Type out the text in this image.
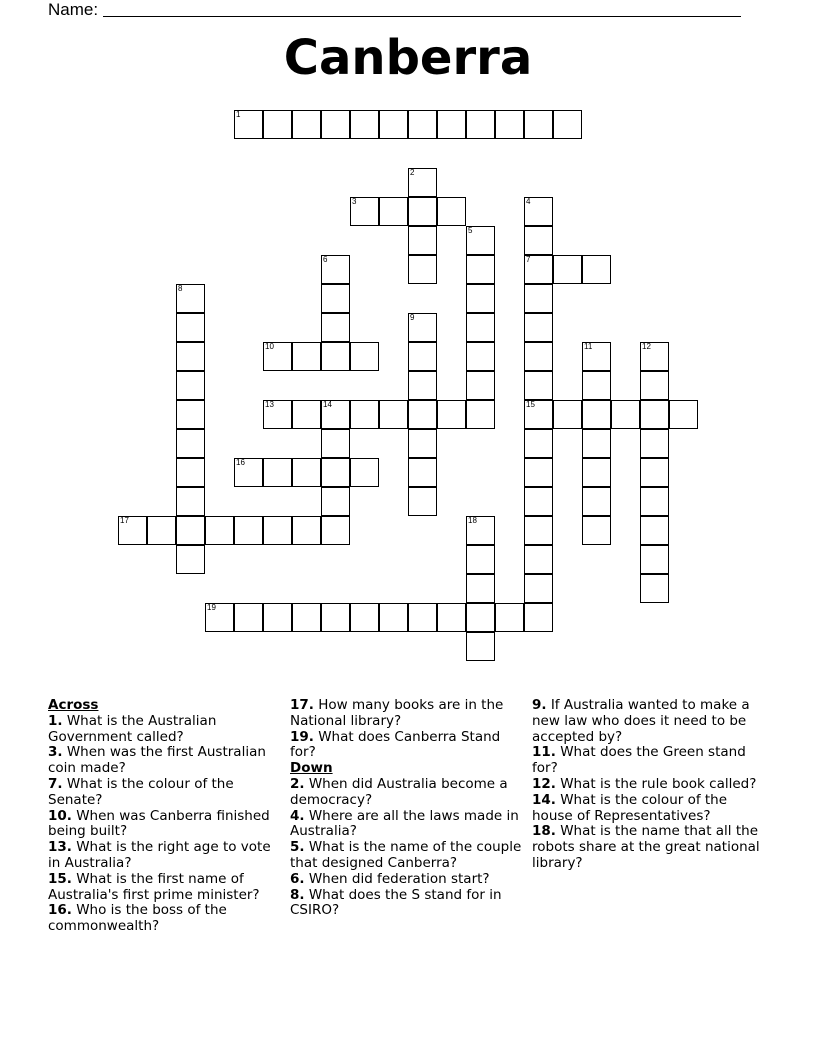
Name:
Canberra
1
2
3	4
7
15
5
6
8
9
10	11	12
13	14
16
17	18
19

Across

1. What is the Australian Government called?

3. When was the first Australian coin made?

7. What is the colour of the Senate?

10. When was Canberra finished being built?

13. What is the right age to vote in Australia?

15. What is the first name of Australia's first prime minister?

16. Who is the boss of the commonwealth?

17. How many books are in the National library?

19. What does Canberra Stand for?

Down

2. When did Australia become a democracy?

4. Where are all the laws made in Australia?

5. What is the name of the couple that designed Canberra?

6. When did federation start?

8. What does the S stand for in CSIRO?

9. If Australia wanted to make a new law who does it need to be accepted by?

11. What does the Green stand for?

12. What is the rule book called?

14. What is the colour of the house of Representatives?

18. What is the name that all the robots share at the great national library?
